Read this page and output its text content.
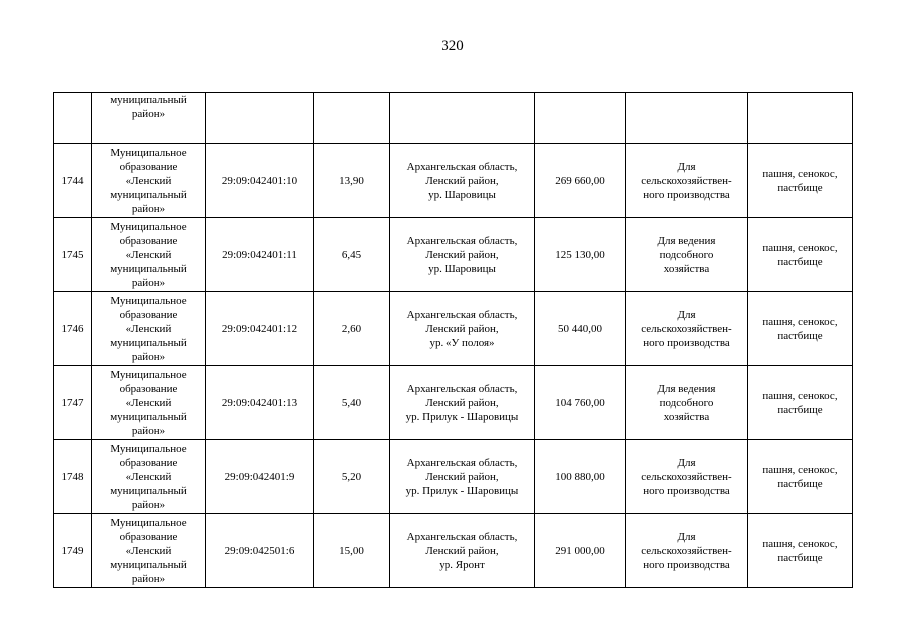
320

	муниципальный
район»						

1744	Муниципальное
образование
«Ленский
муниципальный
район»	29:09:042401:10	13,90	Архангельская область,
Ленский район,
ур. Шаровицы	269 660,00	Для
сельскохозяйствен-
ного производства	пашня, сенокос,
пастбище

1745	Муниципальное
образование
«Ленский
муниципальный
район»	29:09:042401:11	6,45	Архангельская область,
Ленский район,
ур. Шаровицы	125 130,00	Для ведения
подсобного
хозяйства	пашня, сенокос,
пастбище

1746	Муниципальное
образование
«Ленский
муниципальный
район»	29:09:042401:12	2,60	Архангельская область,
Ленский район,
ур. «У полоя»	50 440,00	Для
сельскохозяйствен-
ного производства	пашня, сенокос,
пастбище

1747	Муниципальное
образование
«Ленский
муниципальный
район»	29:09:042401:13	5,40	Архангельская область,
Ленский район,
ур. Прилук - Шаровицы	104 760,00	Для ведения
подсобного
хозяйства	пашня, сенокос,
пастбище

1748	Муниципальное
образование
«Ленский
муниципальный
район»	29:09:042401:9	5,20	Архангельская область,
Ленский район,
ур. Прилук - Шаровицы	100 880,00	Для
сельскохозяйствен-
ного производства	пашня, сенокос,
пастбище

1749	Муниципальное
образование
«Ленский
муниципальный
район»	29:09:042501:6	15,00	Архангельская область,
Ленский район,
ур. Яронт	291 000,00	Для
сельскохозяйствен-
ного производства	пашня, сенокос,
пастбище
